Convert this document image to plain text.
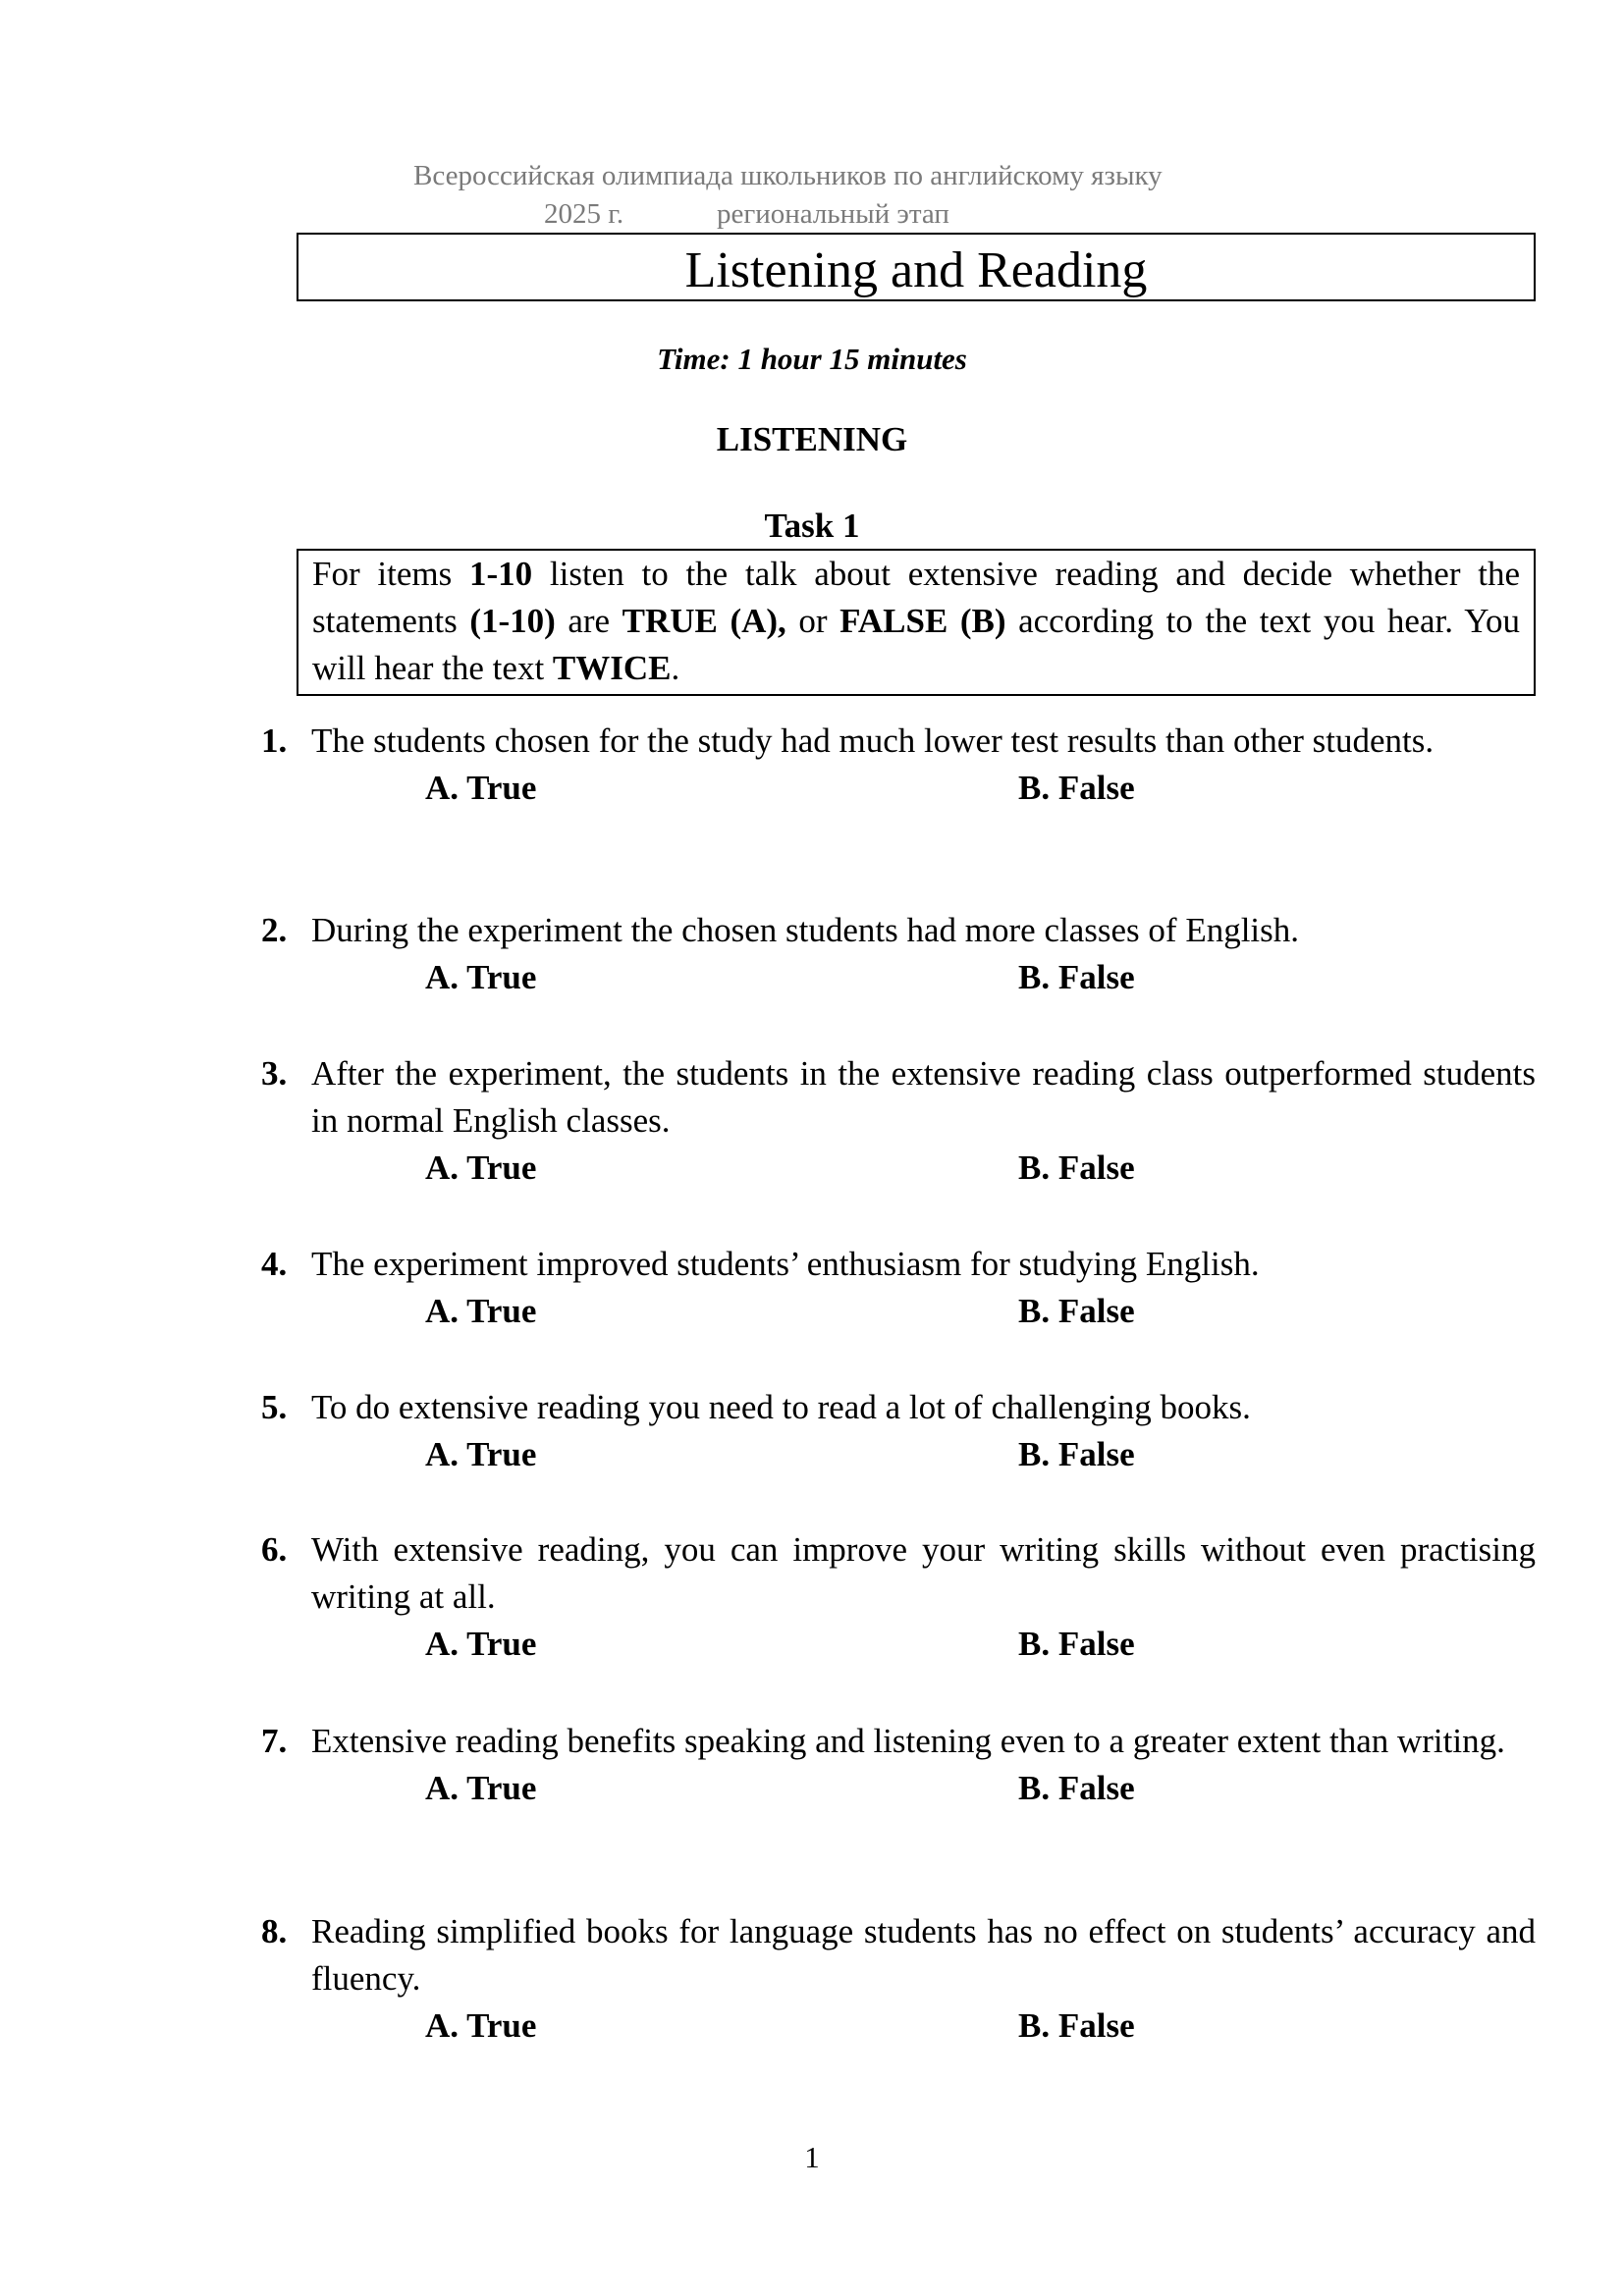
Всероссийская олимпиада школьников по английскому языку
2025 г.	региональный этап
Listening and Reading
Time: 1 hour 15 minutes
LISTENING
Task 1

For items 1-10 listen to the talk about extensive reading and decide whether the statements (1-10) are TRUE (A), or FALSE (B) according to the text you hear. You will hear the text TWICE.

1. The students chosen for the study had much lower test results than other students.
A. True	B. False
2. During the experiment the chosen students had more classes of English.
A. True	B. False
3. After the experiment, the students in the extensive reading class outperformed students in normal English classes.
A. True	B. False
4. The experiment improved students’ enthusiasm for studying English.
A. True	B. False
5. To do extensive reading you need to read a lot of challenging books.
A. True	B. False
6. With extensive reading, you can improve your writing skills without even practising writing at all.
A. True	B. False
7. Extensive reading benefits speaking and listening even to a greater extent than writing.
A. True	B. False
8. Reading simplified books for language students has no effect on students’ accuracy and fluency.
A. True	B. False
1
